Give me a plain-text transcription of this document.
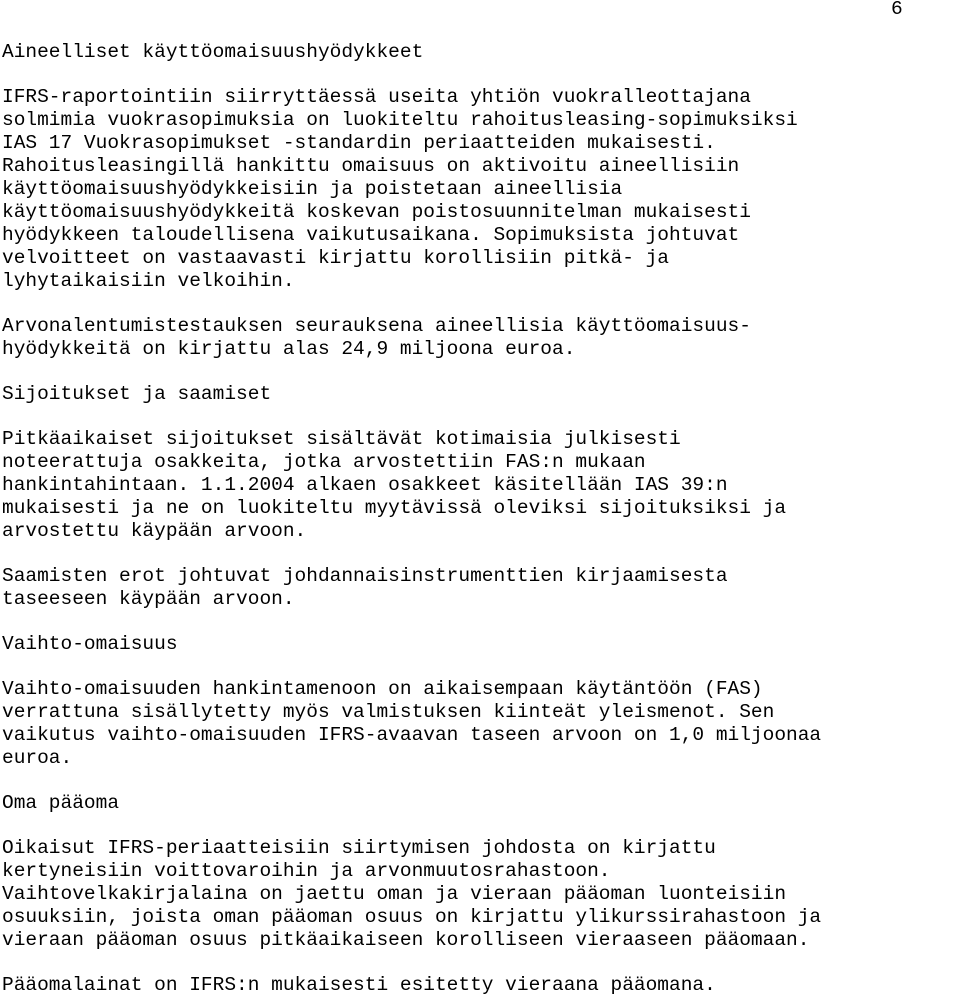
6

Aineelliset käyttöomaisuushyödykkeet

IFRS-raportointiin siirryttäessä useita yhtiön vuokralleottajana

solmimia vuokrasopimuksia on luokiteltu rahoitusleasing-sopimuksiksi

IAS 17 Vuokrasopimukset -standardin periaatteiden mukaisesti.

Rahoitusleasingillä hankittu omaisuus on aktivoitu aineellisiin

käyttöomaisuushyödykkeisiin ja poistetaan aineellisia

käyttöomaisuushyödykkeitä koskevan poistosuunnitelman mukaisesti

hyödykkeen taloudellisena vaikutusaikana. Sopimuksista johtuvat

velvoitteet on vastaavasti kirjattu korollisiin pitkä- ja

lyhytaikaisiin velkoihin.

Arvonalentumistestauksen seurauksena aineellisia käyttöomaisuus-

hyödykkeitä on kirjattu alas 24,9 miljoona euroa.

Sijoitukset ja saamiset

Pitkäaikaiset sijoitukset sisältävät kotimaisia julkisesti

noteerattuja osakkeita, jotka arvostettiin FAS:n mukaan

hankintahintaan. 1.1.2004 alkaen osakkeet käsitellään IAS 39:n

mukaisesti ja ne on luokiteltu myytävissä oleviksi sijoituksiksi ja

arvostettu käypään arvoon.

Saamisten erot johtuvat johdannaisinstrumenttien kirjaamisesta

taseeseen käypään arvoon.

Vaihto-omaisuus

Vaihto-omaisuuden hankintamenoon on aikaisempaan käytäntöön (FAS)

verrattuna sisällytetty myös valmistuksen kiinteät yleismenot. Sen

vaikutus vaihto-omaisuuden IFRS-avaavan taseen arvoon on 1,0 miljoonaa

euroa.

Oma pääoma

Oikaisut IFRS-periaatteisiin siirtymisen johdosta on kirjattu

kertyneisiin voittovaroihin ja arvonmuutosrahastoon.

Vaihtovelkakirjalaina on jaettu oman ja vieraan pääoman luonteisiin

osuuksiin, joista oman pääoman osuus on kirjattu ylikurssirahastoon ja

vieraan pääoman osuus pitkäaikaiseen korolliseen vieraaseen pääomaan.

Pääomalainat on IFRS:n mukaisesti esitetty vieraana pääomana.
